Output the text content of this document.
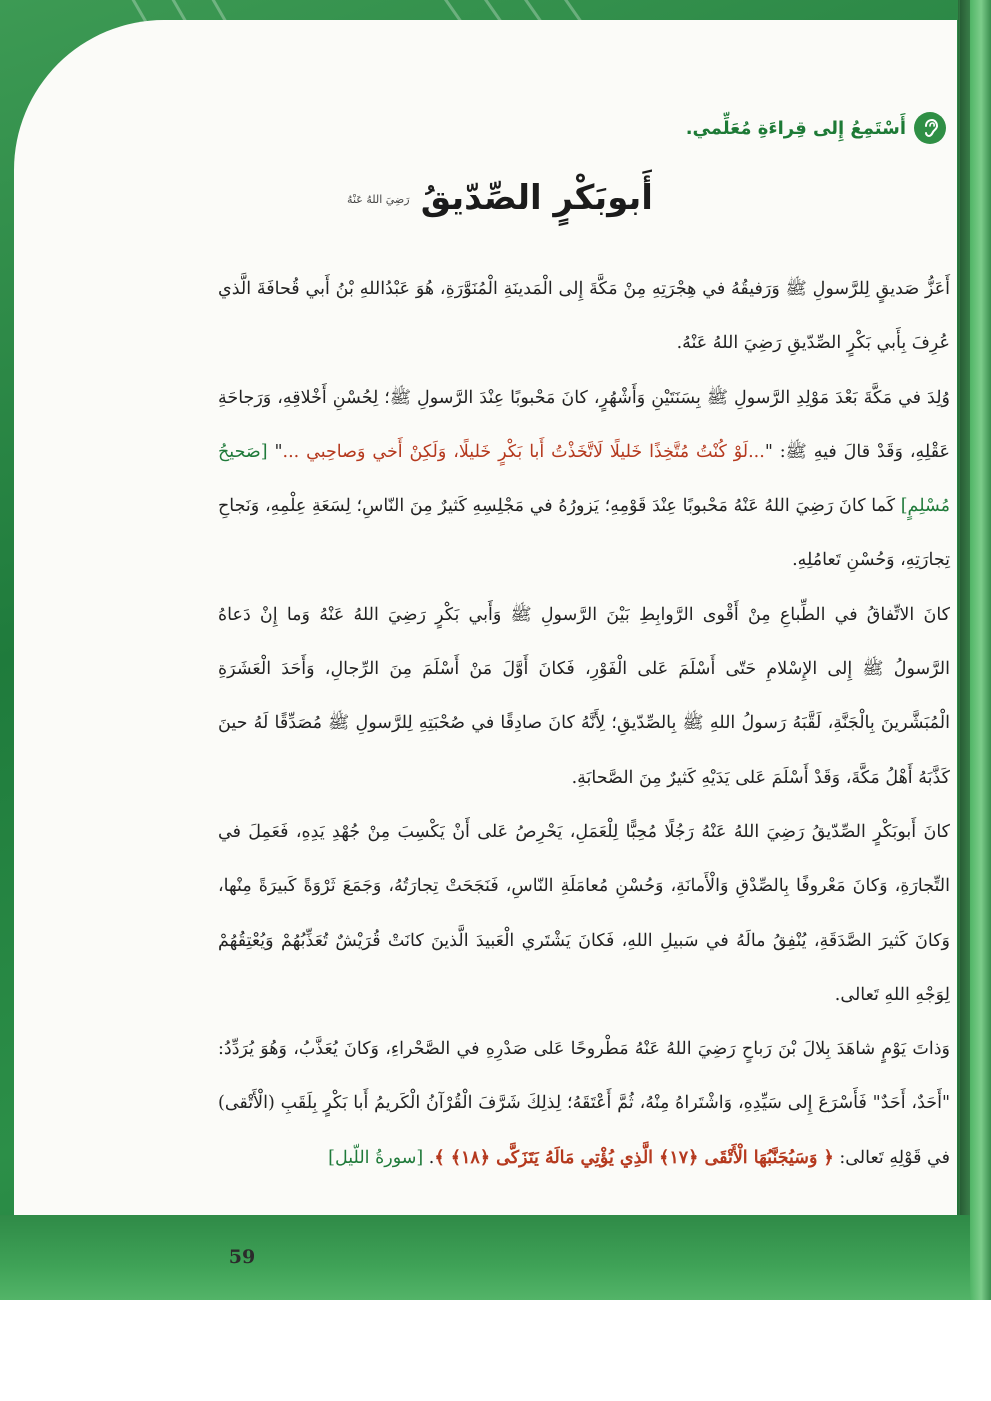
59
أَسْتَمِعُ إِلى قِراءَةِ مُعَلِّمي.
أَبوبَكْرٍ الصِّدّيقُ $^{رَضِيَ اللهُ عَنْهُ}$

أَعَزُّ صَديقٍ لِلرَّسولِ ﷺ وَرَفيقُهُ في هِجْرَتِهِ مِنْ مَكَّةَ إِلى الْمَدينَةِ الْمُنَوَّرَةِ، هُوَ عَبْدُاللهِ بْنُ أَبي قُحافَةَ الَّذي عُرِفَ بِأَبي بَكْرٍ الصِّدّيقِ رَضِيَ اللهُ عَنْهُ.

وُلِدَ في مَكَّةَ بَعْدَ مَوْلِدِ الرَّسولِ ﷺ بِسَنَتَيْنِ وَأَشْهُرٍ، كانَ مَحْبوبًا عِنْدَ الرَّسولِ ﷺ؛ لِحُسْنِ أَخْلاقِهِ، وَرَجاحَةِ عَقْلِهِ، وَقَدْ قالَ فيهِ ﷺ: "...لَوْ كُنْتُ مُتَّخِذًا خَليلًا لَاتَّخَذْتُ أَبا بَكْرٍ خَليلًا، وَلَكِنْ أَخي وَصاحِبي ..." [صَحيحُ مُسْلِمٍ] كَما كانَ رَضِيَ اللهُ عَنْهُ مَحْبوبًا عِنْدَ قَوْمِهِ؛ يَزورُهُ في مَجْلِسِهِ كَثيرٌ مِنَ النّاسِ؛ لِسَعَةِ عِلْمِهِ، وَنَجاحِ تِجارَتِهِ، وَحُسْنِ تَعامُلِهِ.

كانَ الاتِّفاقُ في الطِّباعِ مِنْ أَقْوى الرَّوابِطِ بَيْنَ الرَّسولِ ﷺ وَأَبي بَكْرٍ رَضِيَ اللهُ عَنْهُ وَما إِنْ دَعاهُ الرَّسولُ ﷺ إِلى الإِسْلامِ حَتّى أَسْلَمَ عَلى الْفَوْرِ، فَكانَ أَوَّلَ مَنْ أَسْلَمَ مِنَ الرِّجالِ، وَأَحَدَ الْعَشَرَةِ الْمُبَشَّرينَ بِالْجَنَّةِ، لَقَّبَهُ رَسولُ اللهِ ﷺ بِالصِّدّيقِ؛ لِأَنَّهُ كانَ صادِقًا في صُحْبَتِهِ لِلرَّسولِ ﷺ مُصَدِّقًا لَهُ حينَ كَذَّبَهُ أَهْلُ مَكَّةَ، وَقَدْ أَسْلَمَ عَلى يَدَيْهِ كَثيرٌ مِنَ الصَّحابَةِ.

كانَ أَبوبَكْرٍ الصِّدّيقُ رَضِيَ اللهُ عَنْهُ رَجُلًا مُحِبًّا لِلْعَمَلِ، يَحْرِصُ عَلى أَنْ يَكْسِبَ مِنْ جُهْدِ يَدِهِ، فَعَمِلَ في التِّجارَةِ، وَكانَ مَعْروفًا بِالصِّدْقِ وَالْأَمانَةِ، وَحُسْنِ مُعامَلَةِ النّاسِ، فَنَجَحَتْ تِجارَتُهُ، وَجَمَعَ ثَرْوَةً كَبيرَةً مِنْها، وَكانَ كَثيرَ الصَّدَقَةِ، يُنْفِقُ مالَهُ في سَبيلِ اللهِ، فَكانَ يَشْتَري الْعَبيدَ الَّذينَ كانَتْ قُرَيْشٌ تُعَذِّبُهُمْ وَيُعْتِقُهُمْ لِوَجْهِ اللهِ تَعالى.

وَذاتَ يَوْمٍ شاهَدَ بِلالَ بْنَ رَباحٍ رَضِيَ اللهُ عَنْهُ مَطْروحًا عَلى صَدْرِهِ في الصَّحْراءِ، وَكانَ يُعَذَّبُ، وَهُوَ يُرَدِّدُ: "أَحَدٌ، أَحَدٌ" فَأَسْرَعَ إِلى سَيِّدِهِ، وَاشْتَراهُ مِنْهُ، ثُمَّ أَعْتَقَهُ؛ لِذلِكَ شَرَّفَ الْقُرْآنُ الْكَريمُ أَبا بَكْرٍ بِلَقَبِ (الْأَتْقى) في قَوْلِهِ تَعالى: ﴿ وَسَيُجَنَّبُهَا الْأَتْقَى ﴿١٧﴾ الَّذِي يُؤْتِي مَالَهُ يَتَزَكَّى ﴿١٨﴾ ﴾. [سورةُ اللّيل]
